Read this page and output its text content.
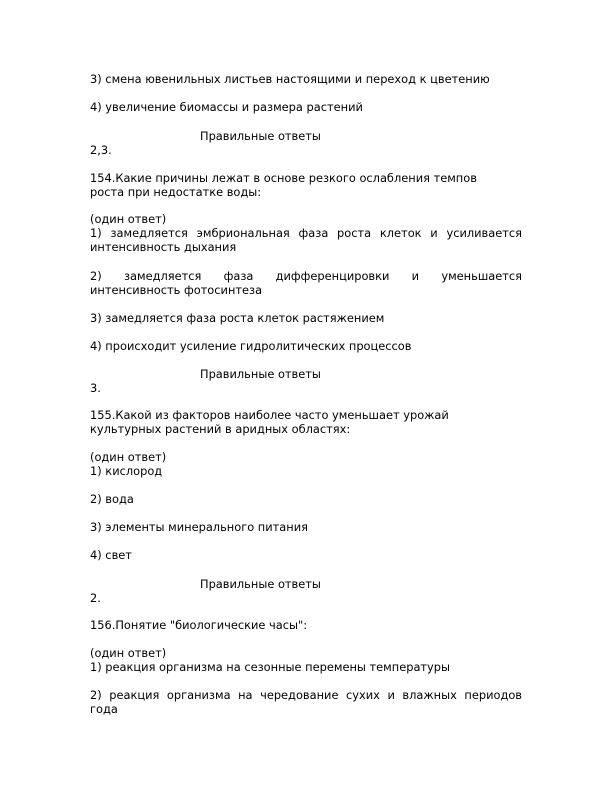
3) смена ювенильных листьев настоящими и переход к цветению
4) увеличение биомассы и размера растений
Правильные ответы
2,3.
154.Какие причины лежат в основе резкого ослабления темпов
роста при недостатке воды:
(один ответ)
1) замедляется эмбриональная фаза роста клеток и усиливается
интенсивность дыхания
2) замедляется фаза дифференцировки и уменьшается
интенсивность фотосинтеза
3) замедляется фаза роста клеток растяжением
4) происходит усиление гидролитических процессов
Правильные ответы
3.
155.Какой из факторов наиболее часто уменьшает урожай
культурных растений в аридных областях:
(один ответ)
1) кислород
2) вода
3) элементы минерального питания
4) свет
Правильные ответы
2.
156.Понятие "биологические часы":
(один ответ)
1) реакция организма на сезонные перемены температуры
2) реакция организма на чередование сухих и влажных периодов
года
